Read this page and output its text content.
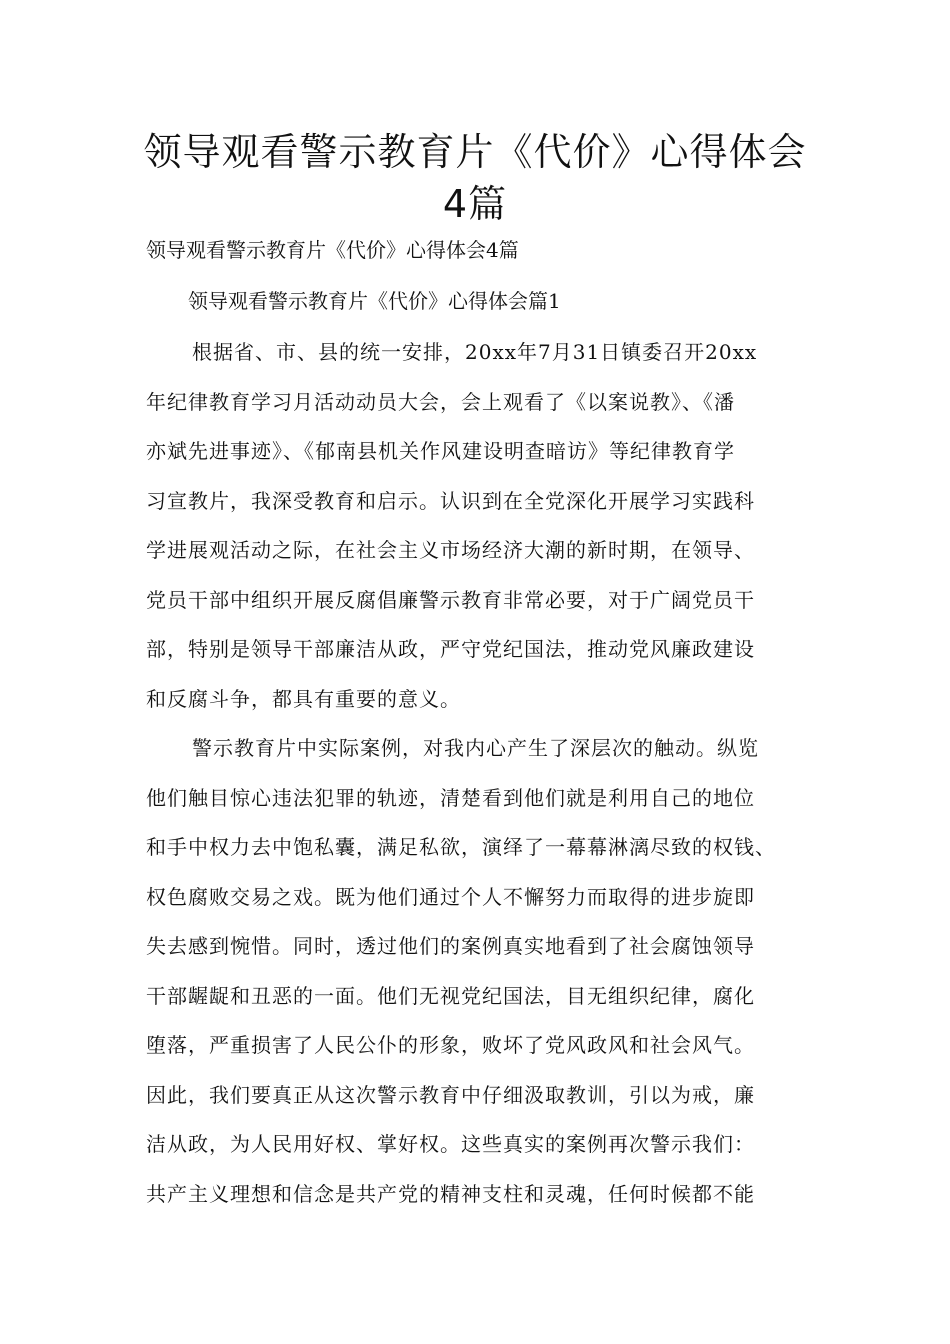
领导观看警示教育片《代价》心得体会
4篇

领导观看警示教育片《代价》心得体会4篇

领导观看警示教育片《代价》心得体会篇1

根据省、市、县的统一安排，20xx年7月31日镇委召开20xx
年纪律教育学习月活动动员大会，会上观看了《以案说教》、《潘
亦斌先进事迹》、《郁南县机关作风建设明查暗访》等纪律教育学
习宣教片，我深受教育和启示。认识到在全党深化开展学习实践科
学进展观活动之际，在社会主义市场经济大潮的新时期，在领导、
党员干部中组织开展反腐倡廉警示教育非常必要，对于广阔党员干
部，特别是领导干部廉洁从政，严守党纪国法，推动党风廉政建设
和反腐斗争，都具有重要的意义。
警示教育片中实际案例，对我内心产生了深层次的触动。纵览
他们触目惊心违法犯罪的轨迹，清楚看到他们就是利用自己的地位
和手中权力去中饱私囊，满足私欲，演绎了一幕幕淋漓尽致的权钱、
权色腐败交易之戏。既为他们通过个人不懈努力而取得的进步旋即
失去感到惋惜。同时，透过他们的案例真实地看到了社会腐蚀领导
干部龌龊和丑恶的一面。他们无视党纪国法，目无组织纪律，腐化
堕落，严重损害了人民公仆的形象，败坏了党风政风和社会风气。
因此，我们要真正从这次警示教育中仔细汲取教训，引以为戒，廉
洁从政，为人民用好权、掌好权。这些真实的案例再次警示我们：
共产主义理想和信念是共产党的精神支柱和灵魂，任何时候都不能
